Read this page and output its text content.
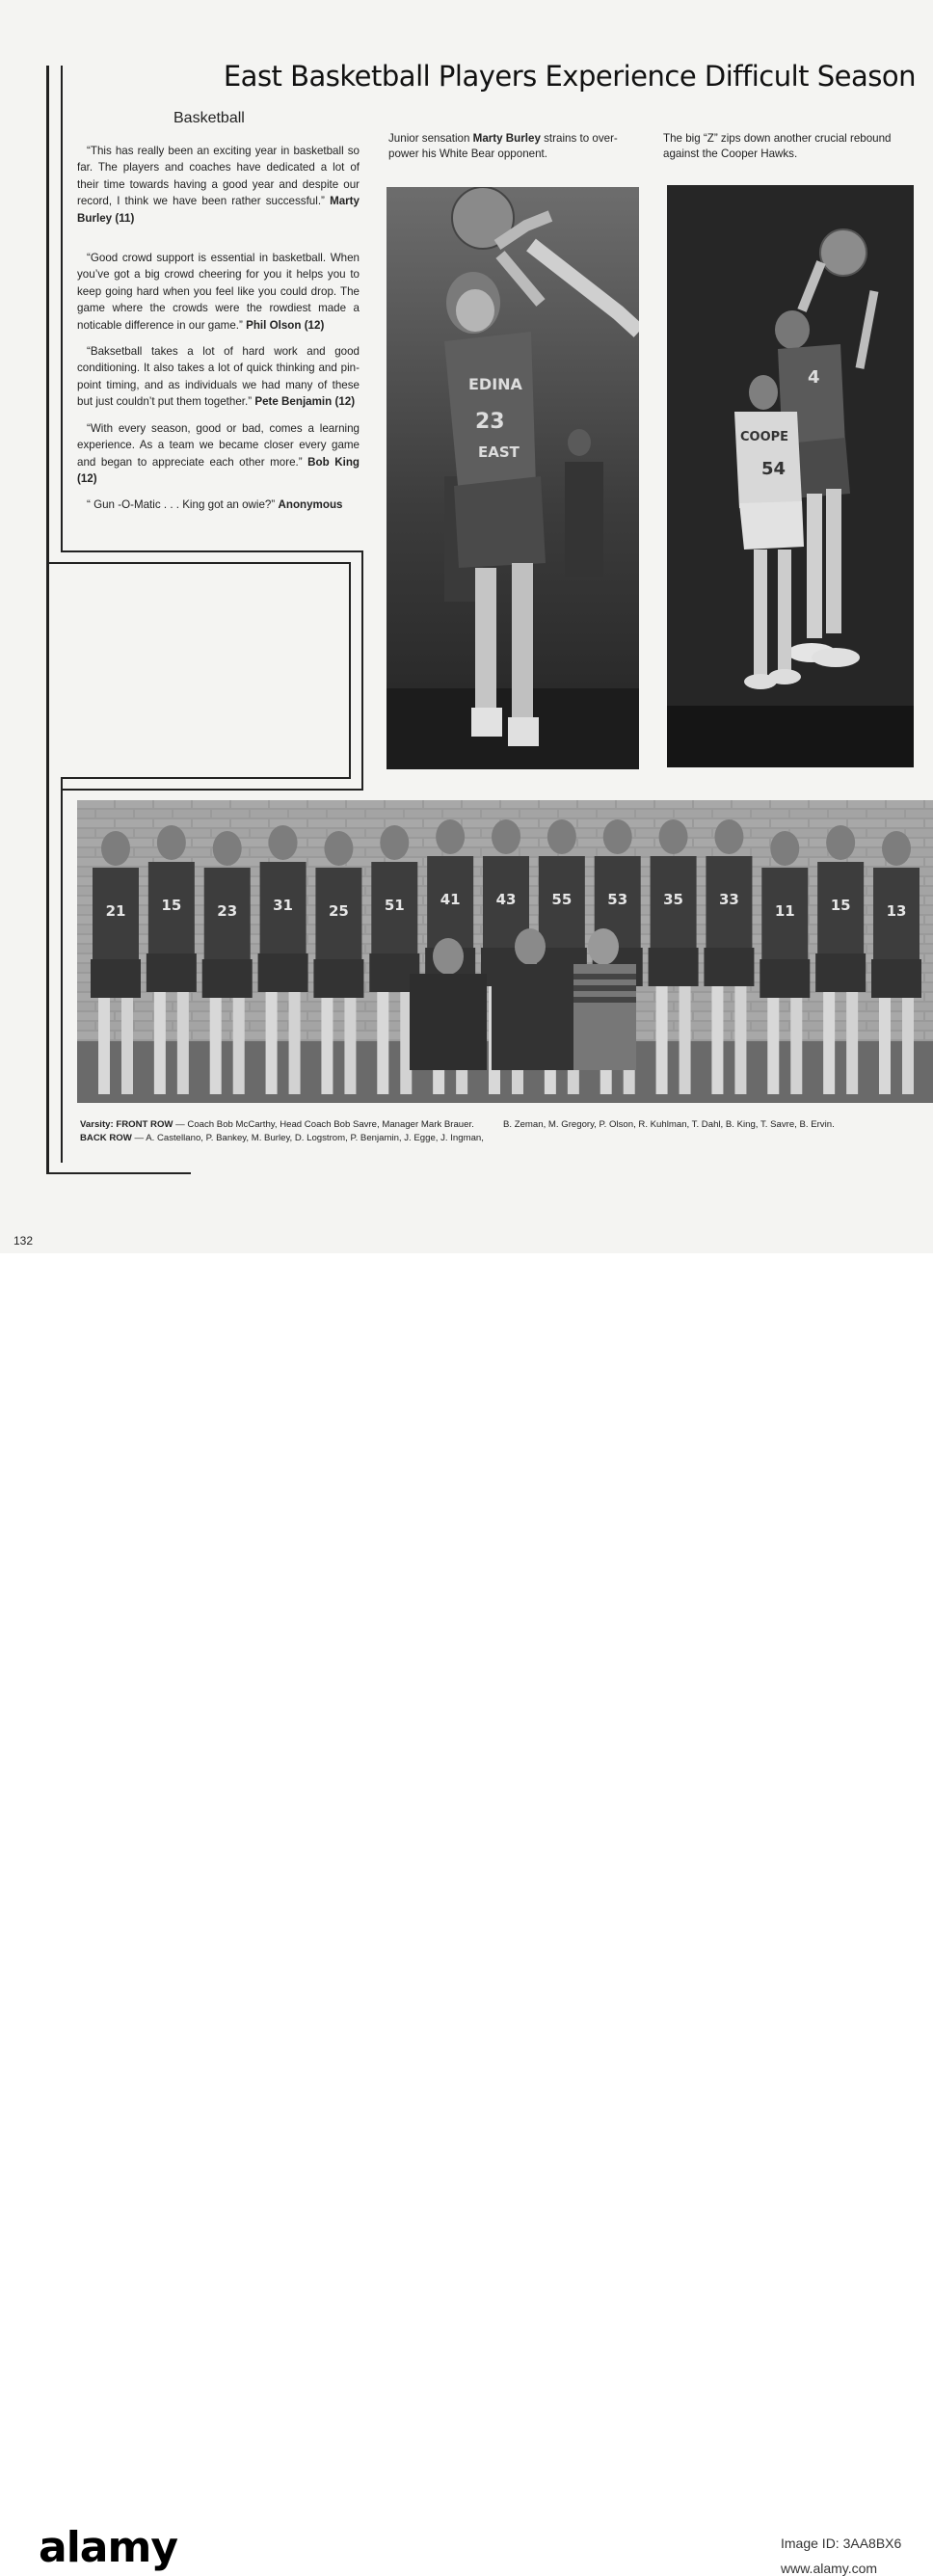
East Basketball Players Experience Difficult Season
Basketball

“This has really been an exciting year in basketball so far. The players and coaches have dedicated a lot of their time towards having a good year and despite our record, I think we have been rather successful.” Marty Burley (11)

“Good crowd support is essential in basketball. When you’ve got a big crowd cheering for you it helps you to keep going hard when you feel like you could drop. The game where the crowds were the rowdiest made a noticable difference in our game.” Phil Olson (12)

“Baksetball takes a lot of hard work and good conditioning. It also takes a lot of quick thinking and pin-point timing, and as individuals we had many of these but just couldn’t put them together.” Pete Benjamin (12)

“With every season, good or bad, comes a learning experience. As a team we became closer every game and began to appreciate each other more.” Bob King (12)

“ Gun -O-Matic . . . King got an owie?” Anonymous

Junior sensation Marty Burley strains to over-power his White Bear opponent.
The big “Z” zips down another crucial rebound against the Cooper Hawks.
EDINA
23
EAST
4
COOPE
54
21 15 23 31 25 51 41 43 55 53 35 33
11 15 13
Varsity: FRONT ROW — Coach Bob McCarthy, Head Coach Bob Savre, Manager Mark Brauer.
BACK ROW — A. Castellano, P. Bankey, M. Burley, D. Logstrom, P. Benjamin, J. Egge, J. Ingman,
B. Zeman, M. Gregory, P. Olson, R. Kuhlman, T. Dahl, B. King, T. Savre, B. Ervin.
132
alamy	Image ID: 3AA8BX6
www.alamy.com
